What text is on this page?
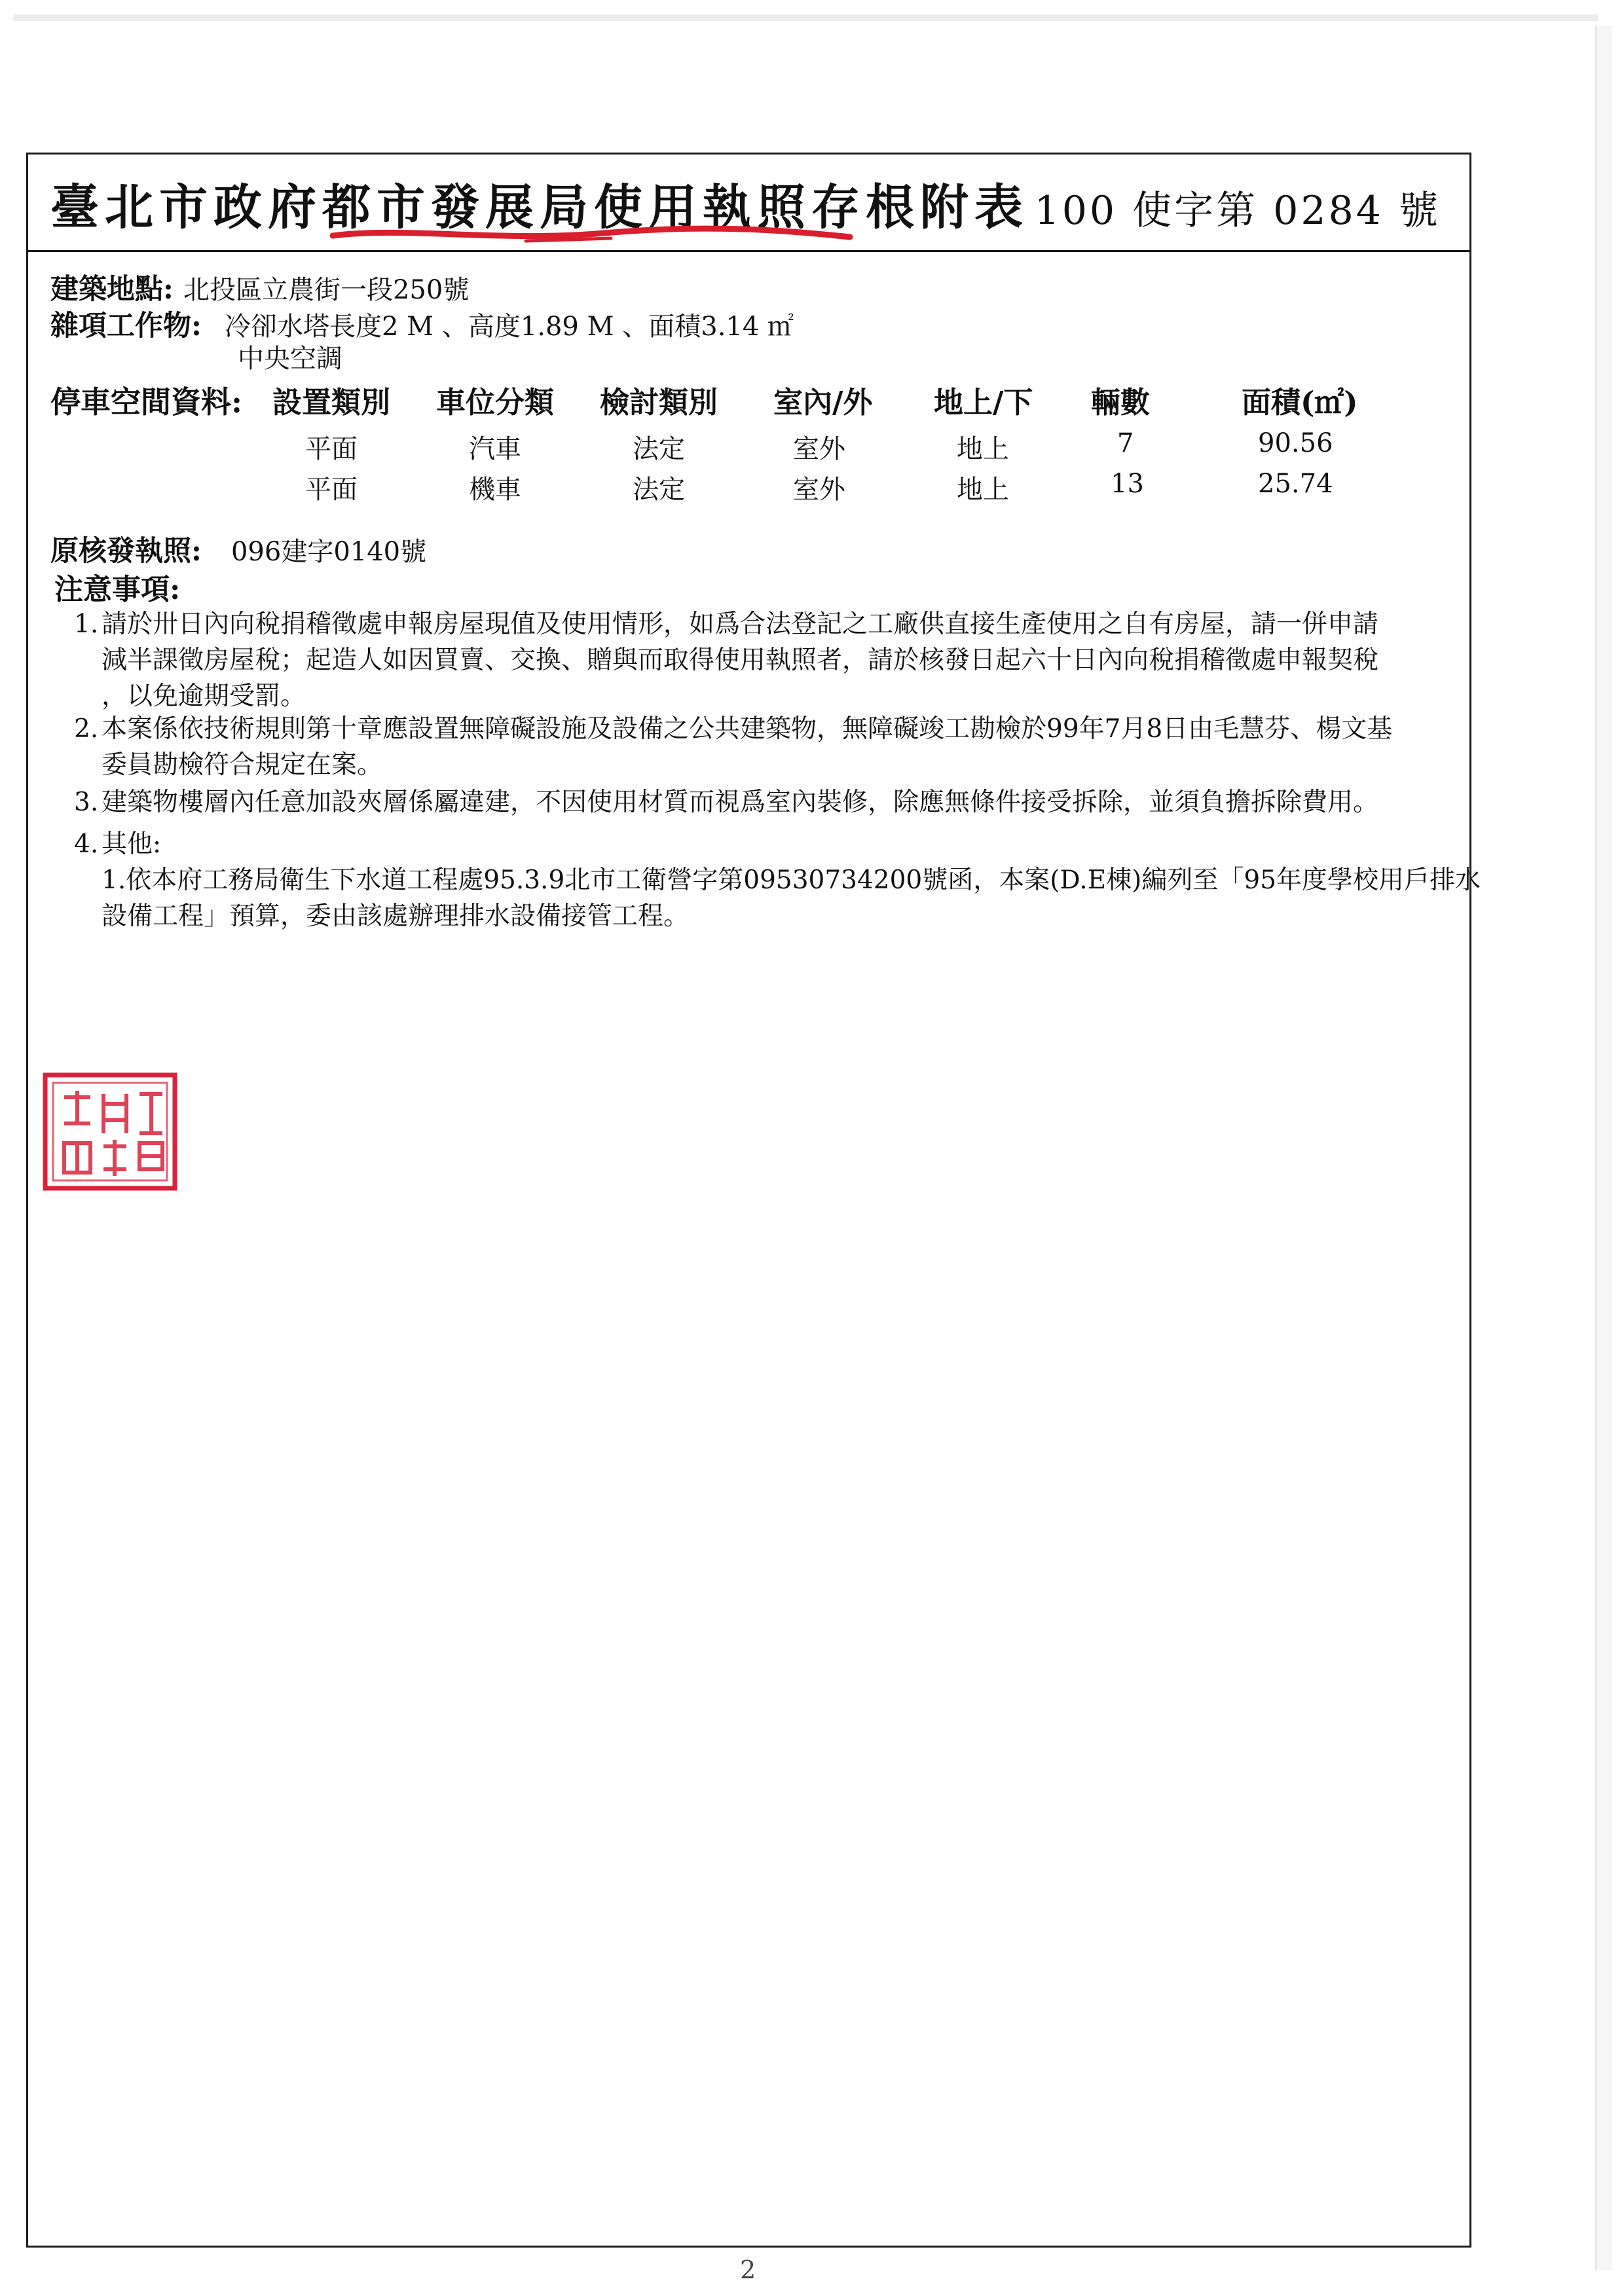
臺北市政府都市發展局使用執照存根附表 100 使字第 0284 號
建築地點: 北投區立農街一段250號
雜項工作物: 冷卻水塔長度2 M 、高度1.89 M 、面積3.14 ㎡
中央空調
停車空間資料: 設置類別 車位分類 檢討類別 室內/外 地上/下 輛數	面積(㎡)
平面	汽車	法定	室外	地上	7	90.56
平面	機車	法定	室外	地上	13	25.74
原核發執照: 096建字0140號
注意事項:
1. 請於卅日內向稅捐稽徵處申報房屋現值及使用情形，如爲合法登記之工廠供直接生產使用之自有房屋，請一併申請
減半課徵房屋稅；起造人如因買賣、交換、贈與而取得使用執照者，請於核發日起六十日內向稅捐稽徵處申報契稅
，以免逾期受罰。
2. 本案係依技術規則第十章應設置無障礙設施及設備之公共建築物，無障礙竣工勘檢於99年7月8日由毛慧芬、楊文基
委員勘檢符合規定在案。
3. 建築物樓層內任意加設夾層係屬違建，不因使用材質而視爲室內裝修，除應無條件接受拆除，並須負擔拆除費用。
4. 其他:
1.依本府工務局衛生下水道工程處95.3.9北市工衛營字第09530734200號函，本案(D.E棟)編列至「95年度學校用戶排水
設備工程」預算，委由該處辦理排水設備接管工程。
2
